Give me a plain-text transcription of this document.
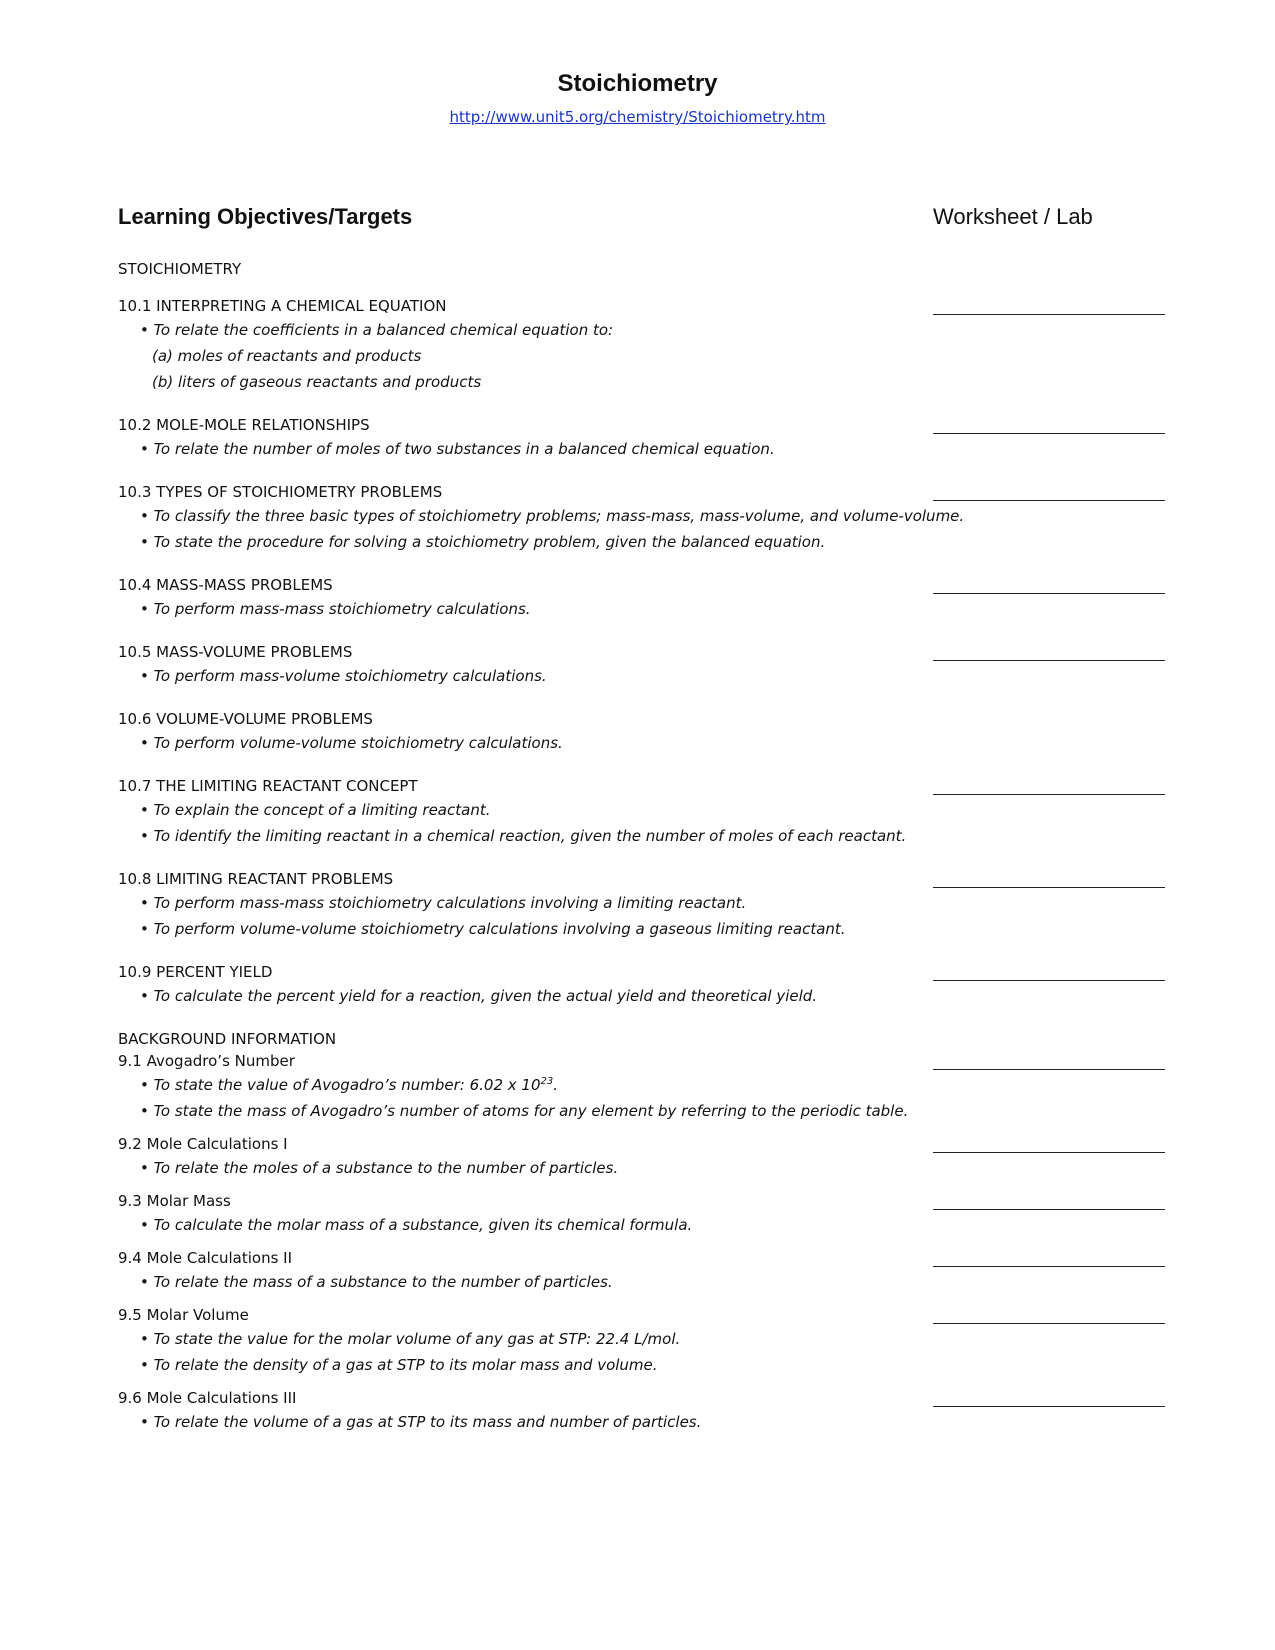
Stoichiometry
http://www.unit5.org/chemistry/Stoichiometry.htm
Learning Objectives/Targets	Worksheet / Lab
STOICHIOMETRY
10.1 INTERPRETING A CHEMICAL EQUATION
• To relate the coefficients in a balanced chemical equation to:
(a) moles of reactants and products
(b) liters of gaseous reactants and products
10.2 MOLE-MOLE RELATIONSHIPS
• To relate the number of moles of two substances in a balanced chemical equation.
10.3 TYPES OF STOICHIOMETRY PROBLEMS
• To classify the three basic types of stoichiometry problems; mass-mass, mass-volume, and volume-volume.
• To state the procedure for solving a stoichiometry problem, given the balanced equation.
10.4 MASS-MASS PROBLEMS
• To perform mass-mass stoichiometry calculations.
10.5 MASS-VOLUME PROBLEMS
• To perform mass-volume stoichiometry calculations.
10.6 VOLUME-VOLUME PROBLEMS
• To perform volume-volume stoichiometry calculations.
10.7 THE LIMITING REACTANT CONCEPT
• To explain the concept of a limiting reactant.
• To identify the limiting reactant in a chemical reaction, given the number of moles of each reactant.
10.8 LIMITING REACTANT PROBLEMS
• To perform mass-mass stoichiometry calculations involving a limiting reactant.
• To perform volume-volume stoichiometry calculations involving a gaseous limiting reactant.
10.9 PERCENT YIELD
• To calculate the percent yield for a reaction, given the actual yield and theoretical yield.
BACKGROUND INFORMATION
9.1 Avogadro’s Number
• To state the value of Avogadro’s number: 6.02 x $10^{23}$.
• To state the mass of Avogadro’s number of atoms for any element by referring to the periodic table.
9.2 Mole Calculations I
• To relate the moles of a substance to the number of particles.
9.3 Molar Mass
• To calculate the molar mass of a substance, given its chemical formula.
9.4 Mole Calculations II
• To relate the mass of a substance to the number of particles.
9.5 Molar Volume
• To state the value for the molar volume of any gas at STP: 22.4 L/mol.
• To relate the density of a gas at STP to its molar mass and volume.
9.6 Mole Calculations III
• To relate the volume of a gas at STP to its mass and number of particles.
